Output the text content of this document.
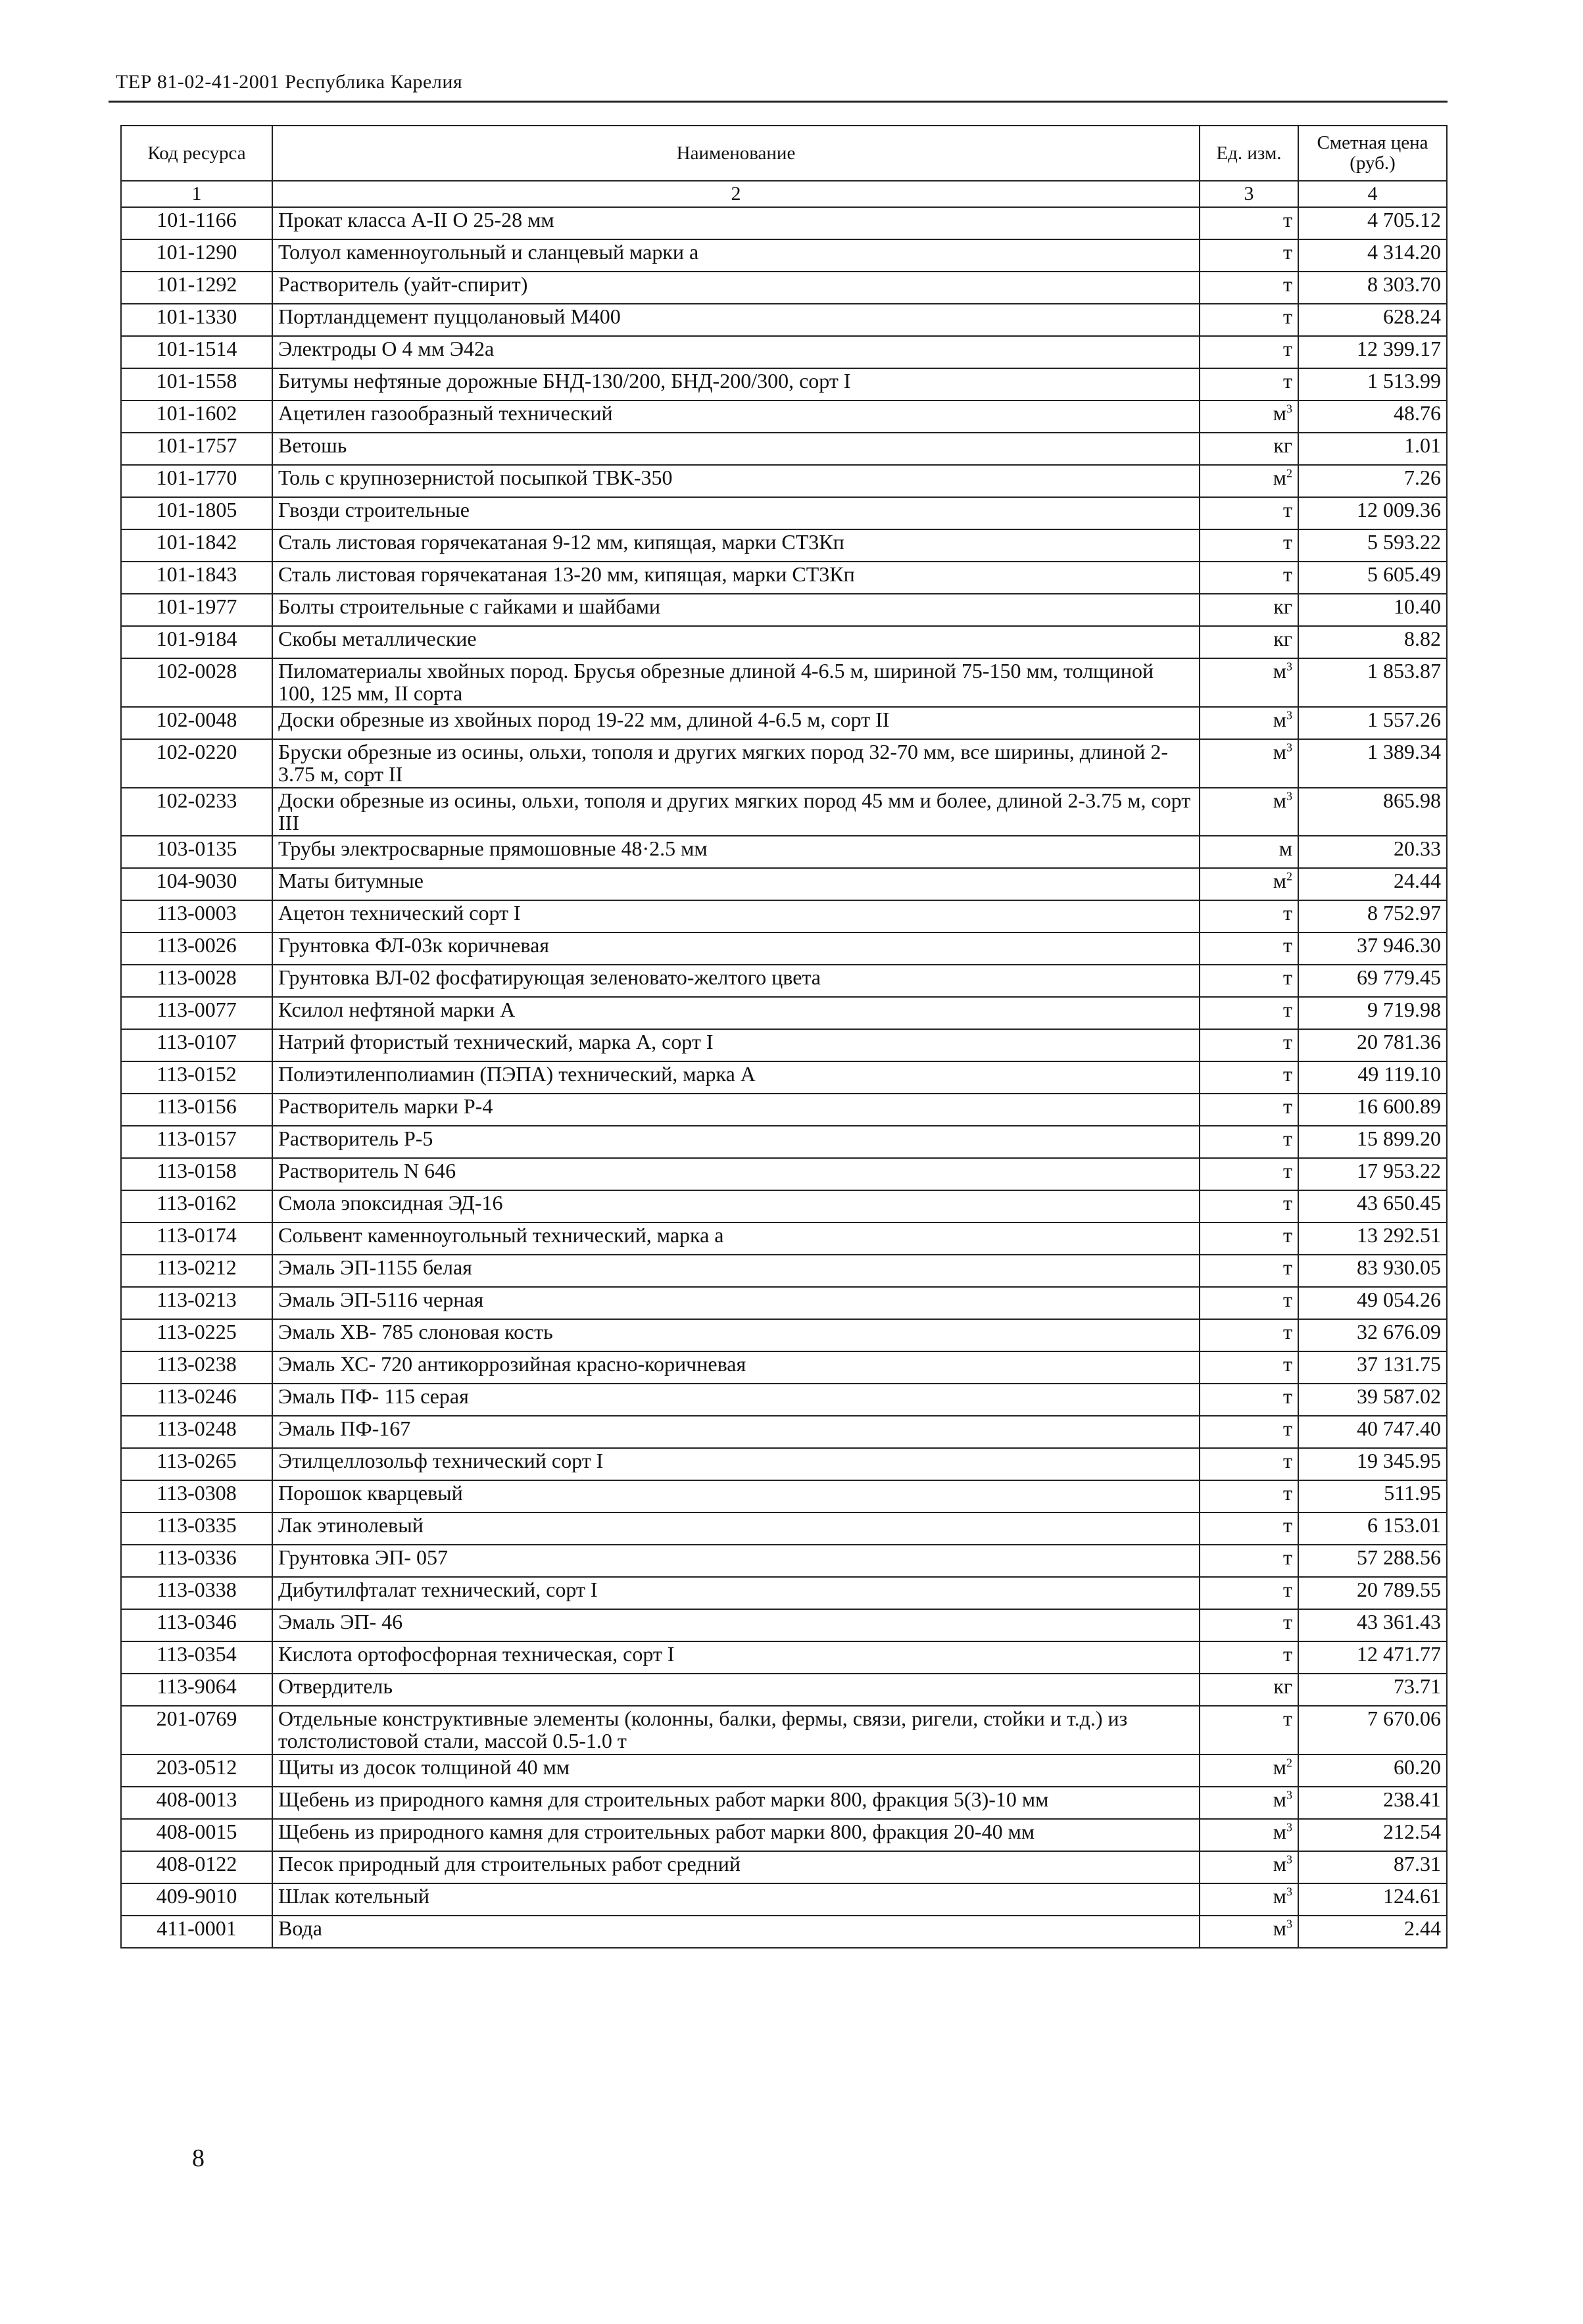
ТЕР 81-02-41-2001 Республика Карелия
Код ресурса	Наименование	Ед. изм.	Сметная цена (руб.)
1	2	3	4
101-1166	Прокат класса А-II О 25-28 мм	т	4 705.12
101-1290	Толуол каменноугольный и сланцевый марки а	т	4 314.20
101-1292	Растворитель (уайт-спирит)	т	8 303.70
101-1330	Портландцемент пуццолановый М400	т	628.24
101-1514	Электроды О 4 мм Э42а	т	12 399.17
101-1558	Битумы нефтяные дорожные БНД-130/200, БНД-200/300, сорт I	т	1 513.99
101-1602	Ацетилен газообразный технический	$м^3$	48.76
101-1757	Ветошь	кг	1.01
101-1770	Толь с крупнозернистой посыпкой ТВК-350	$м^2$	7.26
101-1805	Гвозди строительные	т	12 009.36
101-1842	Сталь листовая горячекатаная 9-12 мм, кипящая, марки СТ3Кп	т	5 593.22
101-1843	Сталь листовая горячекатаная 13-20 мм, кипящая, марки СТ3Кп	т	5 605.49
101-1977	Болты строительные с гайками и шайбами	кг	10.40
101-9184	Скобы металлические	кг	8.82
102-0028	Пиломатериалы хвойных пород. Брусья обрезные длиной 4-6.5 м, шириной 75-150 мм, толщиной 100, 125 мм, II сорта	$м^3$	1 853.87
102-0048	Доски обрезные из хвойных пород 19-22 мм, длиной 4-6.5 м, сорт II	$м^3$	1 557.26
102-0220	Бруски обрезные из осины, ольхи, тополя и других мягких пород 32-70 мм, все ширины, длиной 2-3.75 м, сорт II	$м^3$	1 389.34
102-0233	Доски обрезные из осины, ольхи, тополя и других мягких пород 45 мм и более, длиной 2-3.75 м, сорт III	$м^3$	865.98
103-0135	Трубы электросварные прямошовные 48·2.5 мм	м	20.33
104-9030	Маты битумные	$м^2$	24.44
113-0003	Ацетон технический сорт I	т	8 752.97
113-0026	Грунтовка ФЛ-03к коричневая	т	37 946.30
113-0028	Грунтовка ВЛ-02 фосфатирующая зеленовато-желтого цвета	т	69 779.45
113-0077	Ксилол нефтяной марки А	т	9 719.98
113-0107	Натрий фтористый технический, марка А, сорт I	т	20 781.36
113-0152	Полиэтиленполиамин (ПЭПА) технический, марка А	т	49 119.10
113-0156	Растворитель марки Р-4	т	16 600.89
113-0157	Растворитель Р-5	т	15 899.20
113-0158	Растворитель N 646	т	17 953.22
113-0162	Смола эпоксидная ЭД-16	т	43 650.45
113-0174	Сольвент каменноугольный технический, марка а	т	13 292.51
113-0212	Эмаль ЭП-1155 белая	т	83 930.05
113-0213	Эмаль ЭП-5116 черная	т	49 054.26
113-0225	Эмаль ХВ- 785 слоновая кость	т	32 676.09
113-0238	Эмаль ХС- 720 антикоррозийная красно-коричневая	т	37 131.75
113-0246	Эмаль ПФ- 115 серая	т	39 587.02
113-0248	Эмаль ПФ-167	т	40 747.40
113-0265	Этилцеллозольф технический сорт I	т	19 345.95
113-0308	Порошок кварцевый	т	511.95
113-0335	Лак этинолевый	т	6 153.01
113-0336	Грунтовка ЭП- 057	т	57 288.56
113-0338	Дибутилфталат технический, сорт I	т	20 789.55
113-0346	Эмаль ЭП- 46	т	43 361.43
113-0354	Кислота ортофосфорная техническая, сорт I	т	12 471.77
113-9064	Отвердитель	кг	73.71
201-0769	Отдельные конструктивные элементы (колонны, балки, фермы, связи, ригели, стойки и т.д.) из толстолистовой стали, массой 0.5-1.0 т	т	7 670.06
203-0512	Щиты из досок толщиной 40 мм	$м^2$	60.20
408-0013	Щебень из природного камня для строительных работ марки 800, фракция 5(3)-10 мм	$м^3$	238.41
408-0015	Щебень из природного камня для строительных работ марки 800, фракция 20-40 мм	$м^3$	212.54
408-0122	Песок природный для строительных работ средний	$м^3$	87.31
409-9010	Шлак котельный	$м^3$	124.61
411-0001	Вода	$м^3$	2.44
8
